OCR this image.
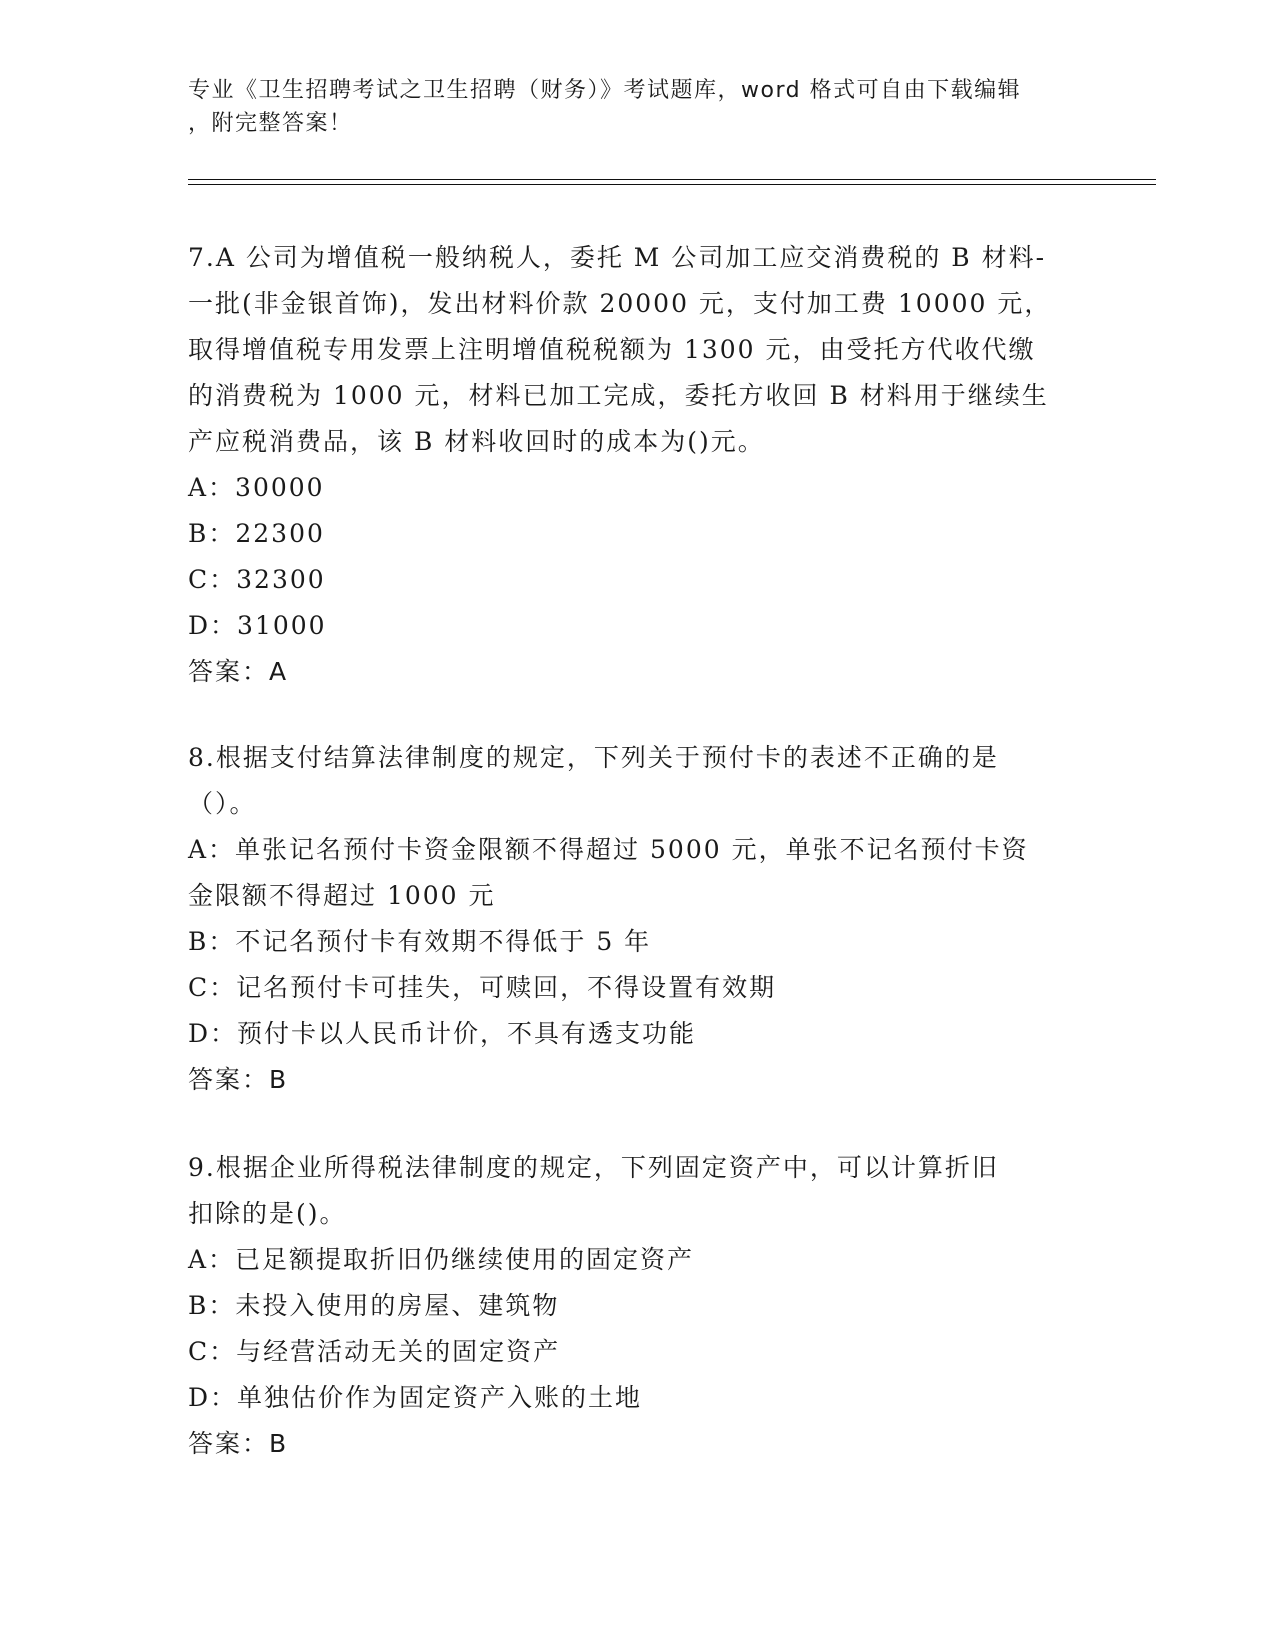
专业《卫生招聘考试之卫生招聘（财务）》考试题库，word 格式可自由下载编辑
，附完整答案！
7.A 公司为增值税一般纳税人，委托 M 公司加工应交消费税的 B 材料-
一批(非金银首饰)，发出材料价款 20000 元，支付加工费 10000 元，
取得增值税专用发票上注明增值税税额为 1300 元，由受托方代收代缴
的消费税为 1000 元，材料已加工完成，委托方收回 B 材料用于继续生
产应税消费品，该 B 材料收回时的成本为()元。
A：30000
B：22300
C：32300
D：31000
答案：A
8.根据支付结算法律制度的规定，下列关于预付卡的表述不正确的是
（）。
A：单张记名预付卡资金限额不得超过 5000 元，单张不记名预付卡资
金限额不得超过 1000 元
B：不记名预付卡有效期不得低于 5 年
C：记名预付卡可挂失，可赎回，不得设置有效期
D：预付卡以人民币计价，不具有透支功能
答案：B
9.根据企业所得税法律制度的规定，下列固定资产中，可以计算折旧
扣除的是()。
A：已足额提取折旧仍继续使用的固定资产
B：未投入使用的房屋、建筑物
C：与经营活动无关的固定资产
D：单独估价作为固定资产入账的土地
答案：B
